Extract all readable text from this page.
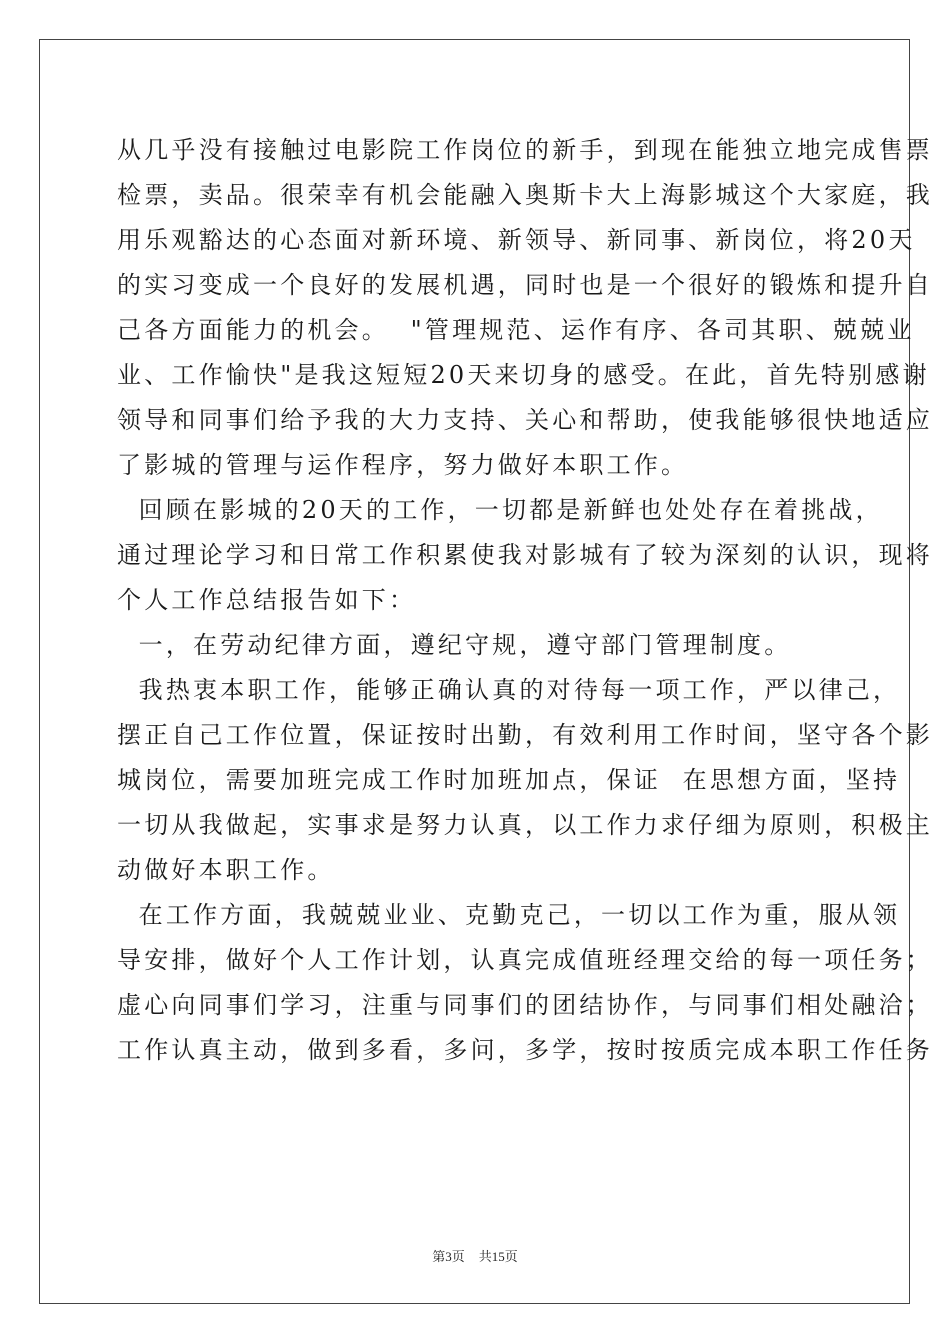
从几乎没有接触过电影院工作岗位的新手，到现在能独立地完成售票
检票，卖品。很荣幸有机会能融入奥斯卡大上海影城这个大家庭，我
用乐观豁达的心态面对新环境、新领导、新同事、新岗位，将20天
的实习变成一个良好的发展机遇，同时也是一个很好的锻炼和提升自
己各方面能力的机会。  "管理规范、运作有序、各司其职、兢兢业
业、工作愉快"是我这短短20天来切身的感受。在此，首先特别感谢
领导和同事们给予我的大力支持、关心和帮助，使我能够很快地适应
了影城的管理与运作程序，努力做好本职工作。
回顾在影城的20天的工作，一切都是新鲜也处处存在着挑战，
通过理论学习和日常工作积累使我对影城有了较为深刻的认识，现将
个人工作总结报告如下：
一，在劳动纪律方面，遵纪守规，遵守部门管理制度。
我热衷本职工作，能够正确认真的对待每一项工作，严以律己，
摆正自己工作位置，保证按时出勤，有效利用工作时间，坚守各个影
城岗位，需要加班完成工作时加班加点，保证  在思想方面，坚持
一切从我做起，实事求是努力认真，以工作力求仔细为原则，积极主
动做好本职工作。
在工作方面，我兢兢业业、克勤克己，一切以工作为重，服从领
导安排，做好个人工作计划，认真完成值班经理交给的每一项任务；
虚心向同事们学习，注重与同事们的团结协作，与同事们相处融洽；
工作认真主动，做到多看，多问，多学，按时按质完成本职工作任务
第3页 共15页
